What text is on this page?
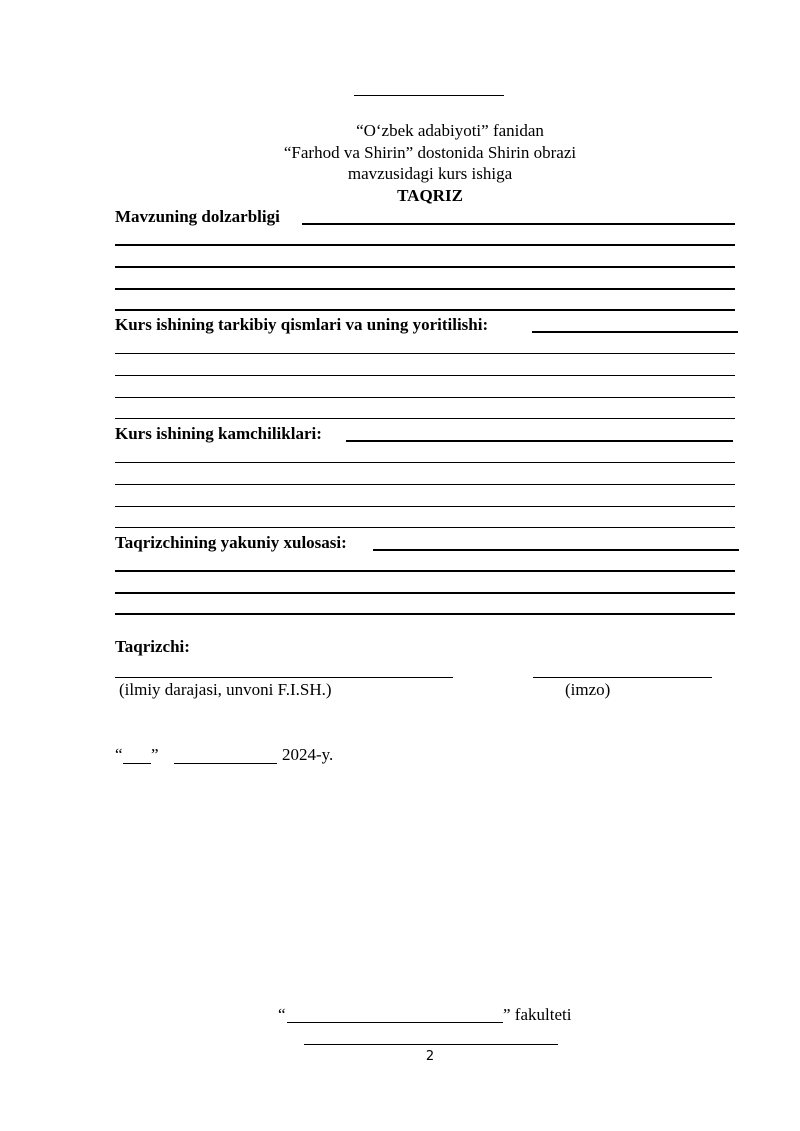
“O‘zbek adabiyoti” fanidan
“Farhod va Shirin” dostonida Shirin obrazi
mavzusidagi kurs ishiga
TAQRIZ
Mavzuning dolzarbligi
Kurs ishining tarkibiy qismlari va uning yoritilishi:
Kurs ishining kamchiliklari:
Taqrizchining yakuniy xulosasi:
Taqrizchi:
(ilmiy darajasi, unvoni F.I.SH.)	(imzo)
“ ”	2024-y.
“	” fakulteti
2
